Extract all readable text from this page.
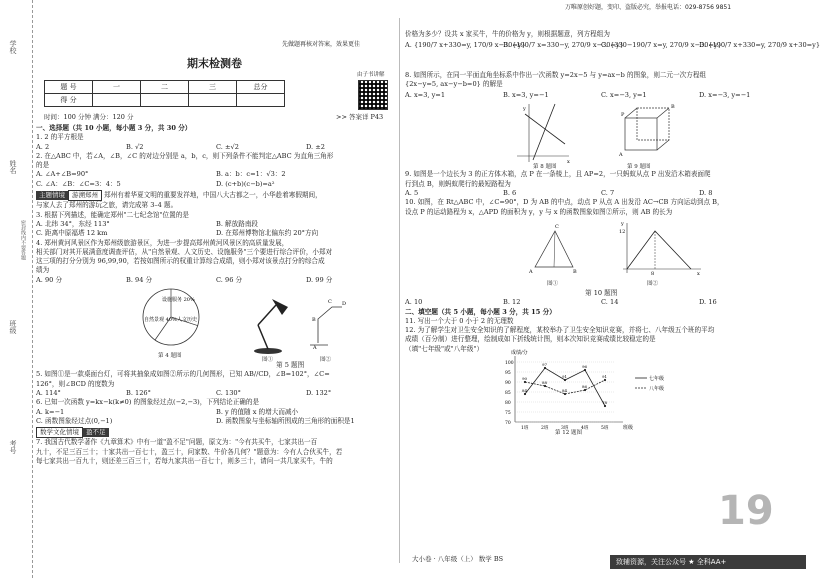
学校
姓名
班级
考号
密封线内不要答题
万唯原创好题，变印、盗版必究，举报电话：029-8756 9851
先做题再核对答案，效果更佳
期末检测卷
由子书讲解
题 号	一	二	三	总分
得 分				
时间：100 分钟 满分：120 分	>> 答案详 P43
一、选择题（共 10 小题，每小题 3 分，共 30 分）
1. 2 的平方根是
A. 2	B. √2	C. ±√2	D. ±2
2. 在△ABC 中，若∠A，∠B，∠C 的对边分别是 a，b，c，则下列条件不能判定△ABC 为直角三角形
的是
A. ∠A+∠B=90°	B. a：b：c=1：√3：2
C. ∠A：∠B：∠C=3：4：5	D. (c+b)(c−b)=a²
主题情境 游溯郑州 郑州有着华夏文明的重要发祥地，中国八大古都之一，小华趁着寒假期间，
与家人去了郑州的游玩之旅，请完成第 3–4 题。
3. 根据下列描述，能确定郑州"二七纪念馆"位置的是
A. 北纬 34°，东经 113°	B. 解放路南段
C. 距离中原福塔 12 km	D. 在郑州博物馆北偏东约 20°方向
4. 郑州黄河风景区作为郑州级旅游景区，为进一步提高郑州黄河风景区的高质量发展，
相关部门对其开展满意度调查评估，从"自然景观、人文历史、设施服务"三个要进行综合评价，小郑对
这三项的打分分别为 96,99,90，若按如图所示的权重计算综合成绩，则小郑对该景点打分的综合成
绩为
A. 90 分	B. 94 分	C. 96 分	D. 99 分
设施服务 20%
自然景观 40% 人文历史
A
B
C D
第 4 题图
图①	图②
第 5 题图
5. 如图①是一款桌面台灯，可将其抽象成如图②所示的几何图形，已知 AB//CD，∠B=102°，∠C=
126°，则∠BCD 的度数为
A. 114°	B. 126°	C. 130°	D. 132°
6. 已知一次函数 y=kx−k(k≠0) 的图象经过点(−2,−3)，下列结论正确的是
A. k=−1	B. y 的值随 x 的增大而减小
C. 函数图象经过点(0,−1)	D. 函数图象与坐标轴所围成的三角形的面积是1
数学文化情境 盈不足
7. 我国古代数学著作《九章算术》中有一道"盈不足"问题，原文为："今有共买牛，七家共出一百
九十，不足三百三十；十家共出一百七十，盈三十，问家数、牛价各几何？"题意为：今有人合伙买牛，若
每七家共出一百九十，则还差三百三十，若每九家共出一百七十，则多三十，请问一共几家买牛，牛的
价格为多少？设共 x 家买牛，牛的价格为 y，则根据题意，列方程组为
A. {190/7 x+330=y, 170/9 x−30=y}
B. {190/7 x=330−y, 270/9 x−30=y}
C. {330−190/7 x=y, 270/9 x−30=y}
D. {190/7 x+330=y, 270/9 x+30=y}
8. 如图所示，在同一平面直角坐标系中作出一次函数 y=2x−5 与 y=ax−b 的图象，则二元一次方程组
{2x−y=5, ax−y−b=0} 的解是
A. x=3, y=1	B. x=3, y=−1	C. x=−3, y=1	D. x=−3, y=−1
y
x
P
B
A
第 8 题图	第 9 题图
9. 如图是一个边长为 3 的正方体木箱，点 P 在一条棱上，且 AP=2，一只蚂蚁从点 P 出发沿木箱表面爬
行到点 B，则蚂蚁爬行的最短路程为
A. 5	B. 6	C. 7	D. 8
10. 如图，在 Rt△ABC 中，∠C=90°，D 为 AB 的中点，动点 P 从点 A 出发沿 AC→CB 方向运动到点 B，
设点 P 的运动路程为 x，△APD 的面积为 y，y 与 x 的函数图象如图②所示，则 AB 的长为
A	B
C
12
8
y
x
图①	图②
第 10 题图
A. 10	B. 12	C. 14	D. 16
二、填空题（共 5 小题，每小题 3 分，共 15 分）
11. 写出一个大于 0 小于 2 的无理数
12. 为了解学生对卫生安全知识的了解程度，某校举办了卫生安全知识竞赛，并将七、八年级五个班的平均
成绩（百分制）进行整理，绘制成如下折线统计图，则本次知识竞赛成绩比较稳定的是
（填"七年级"或"八年级"）
成绩/分
班级
70
75
80
85
90
95
100
1班	2班	3班	4班	5班
84
97
91
96
78
七年级
90
88
84
86
91
八年级
第 12 题图
19
大小卷 · 八年级（上） 数学 BS	致辅资源，关注公众号 ★ 全科AA+
